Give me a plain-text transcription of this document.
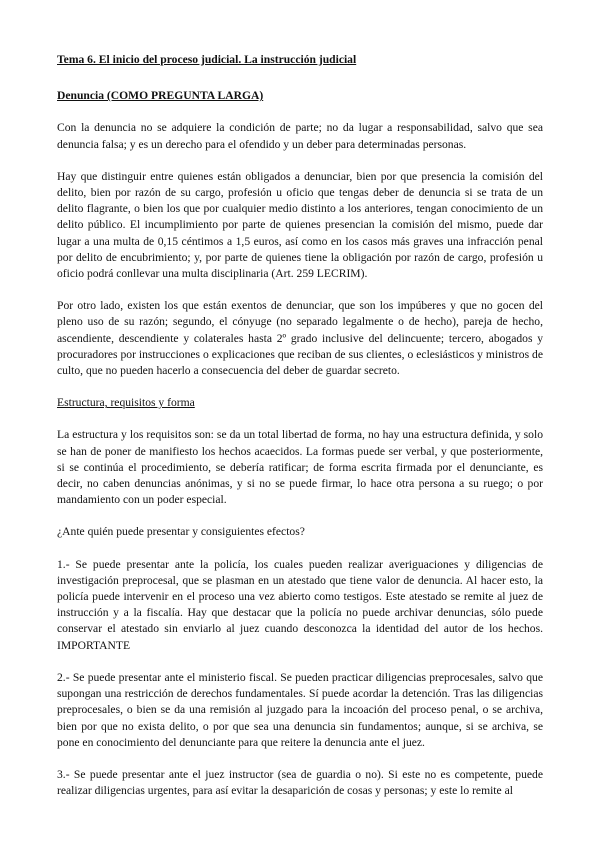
Tema 6. El inicio del proceso judicial. La instrucción judicial
Denuncia (COMO PREGUNTA LARGA)

Con la denuncia no se adquiere la condición de parte; no da lugar a responsabilidad, salvo que sea denuncia falsa; y es un derecho para el ofendido y un deber para determinadas personas.

Hay que distinguir entre quienes están obligados a denunciar, bien por que presencia la comisión del delito, bien por razón de su cargo, profesión u oficio que tengas deber de denuncia si se trata de un delito flagrante, o bien los que por cualquier medio distinto a los anteriores, tengan conocimiento de un delito público. El incumplimiento por parte de quienes presencian la comisión del mismo, puede dar lugar a una multa de 0,15 céntimos a 1,5 euros, así como en los casos más graves una infracción penal por delito de encubrimiento; y, por parte de quienes tiene la obligación por razón de cargo, profesión u oficio podrá conllevar una multa disciplinaria (Art. 259 LECRIM).

Por otro lado, existen los que están exentos de denunciar, que son los impúberes y que no gocen del pleno uso de su razón; segundo, el cónyuge (no separado legalmente o de hecho), pareja de hecho, ascendiente, descendiente y colaterales hasta 2º grado inclusive del delincuente; tercero, abogados y procuradores por instrucciones o explicaciones que reciban de sus clientes, o eclesiásticos y ministros de culto, que no pueden hacerlo a consecuencia del deber de guardar secreto.

Estructura, requisitos y forma

La estructura y los requisitos son: se da un total libertad de forma, no hay una estructura definida, y solo se han de poner de manifiesto los hechos acaecidos. La formas puede ser verbal, y que posteriormente, si se continúa el procedimiento, se debería ratificar; de forma escrita firmada por el denunciante, es decir, no caben denuncias anónimas, y si no se puede firmar, lo hace otra persona a su ruego; o por mandamiento con un poder especial.

¿Ante quién puede presentar y consiguientes efectos?

1.- Se puede presentar ante la policía, los cuales pueden realizar averiguaciones y diligencias de investigación preprocesal, que se plasman en un atestado que tiene valor de denuncia. Al hacer esto, la policía puede intervenir en el proceso una vez abierto como testigos. Este atestado se remite al juez de instrucción y a la fiscalía. Hay que destacar que la policía no puede archivar denuncias, sólo puede conservar el atestado sin enviarlo al juez cuando desconozca la identidad del autor de los hechos. IMPORTANTE

2.- Se puede presentar ante el ministerio fiscal. Se pueden practicar diligencias preprocesales, salvo que supongan una restricción de derechos fundamentales. Sí puede acordar la detención. Tras las diligencias preprocesales, o bien se da una remisión al juzgado para la incoación del proceso penal, o se archiva, bien por que no exista delito, o por que sea una denuncia sin fundamentos; aunque, si se archiva, se pone en conocimiento del denunciante para que reitere la denuncia ante el juez.

3.- Se puede presentar ante el juez instructor (sea de guardia o no). Si este no es competente, puede realizar diligencias urgentes, para así evitar la desaparición de cosas y personas; y este lo remite al
